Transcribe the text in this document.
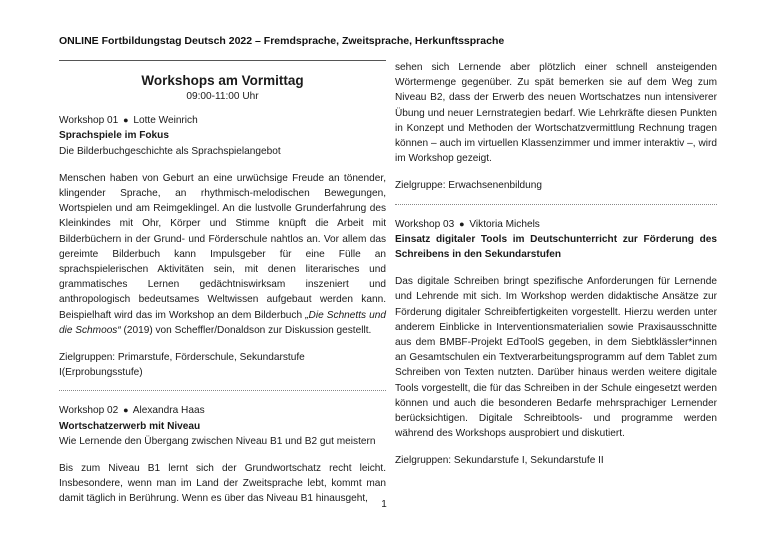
ONLINE Fortbildungstag Deutsch 2022 – Fremdsprache, Zweitsprache, Herkunftssprache
Workshops am Vormittag
09:00-11:00 Uhr
Workshop 01 ● Lotte Weinrich
Sprachspiele im Fokus
Die Bilderbuchgeschichte als Sprachspielangebot
Menschen haben von Geburt an eine urwüchsige Freude an tönender, klingender Sprache, an rhythmisch-melodischen Bewegungen, Wortspielen und am Reimgeklingel. An die lustvolle Grunderfahrung des Kleinkindes mit Ohr, Körper und Stimme knüpft die Arbeit mit Bilderbüchern in der Grund- und Förderschule nahtlos an. Vor allem das gereimte Bilderbuch kann Impulsgeber für eine Fülle an sprachspielerischen Aktivitäten sein, mit denen literarisches und grammatisches Lernen gedächtniswirksam inszeniert und anthropologisch bedeutsames Weltwissen aufgebaut werden kann. Beispielhaft wird das im Workshop an dem Bilderbuch „Die Schnetts und die Schmoos“ (2019) von Scheffler/Donaldson zur Diskussion gestellt.
Zielgruppen: Primarstufe, Förderschule, Sekundarstufe I(Erprobungsstufe)
Workshop 02 ● Alexandra Haas
Wortschatzerwerb mit Niveau
Wie Lernende den Übergang zwischen Niveau B1 und B2 gut meistern
Bis zum Niveau B1 lernt sich der Grundwortschatz recht leicht. Insbesondere, wenn man im Land der Zweitsprache lebt, kommt man damit täglich in Berührung. Wenn es über das Niveau B1 hinausgeht,
sehen sich Lernende aber plötzlich einer schnell ansteigenden Wörtermenge gegenüber. Zu spät bemerken sie auf dem Weg zum Niveau B2, dass der Erwerb des neuen Wortschatzes nun intensiverer Übung und neuer Lernstrategien bedarf. Wie Lehrkräfte diesen Punkten in Konzept und Methoden der Wortschatzvermittlung Rechnung tragen können – auch im virtuellen Klassenzimmer und immer interaktiv –, wird im Workshop gezeigt.
Zielgruppe: Erwachsenenbildung
Workshop 03 ● Viktoria Michels
Einsatz digitaler Tools im Deutschunterricht zur Förderung des Schreibens in den Sekundarstufen
Das digitale Schreiben bringt spezifische Anforderungen für Lernende und Lehrende mit sich. Im Workshop werden didaktische Ansätze zur Förderung digitaler Schreibfertigkeiten vorgestellt. Hierzu werden unter anderem Einblicke in Interventionsmaterialien sowie Praxisausschnitte aus dem BMBF-Projekt EdToolS gegeben, in dem Siebtklässler*innen an Gesamtschulen ein Textverarbeitungsprogramm auf dem Tablet zum Schreiben von Texten nutzten. Darüber hinaus werden weitere digitale Tools vorgestellt, die für das Schreiben in der Schule eingesetzt werden können und auch die besonderen Bedarfe mehrsprachiger Lernender berücksichtigen. Digitale Schreibtools- und programme werden während des Workshops ausprobiert und diskutiert.
Zielgruppen: Sekundarstufe I, Sekundarstufe II
1
